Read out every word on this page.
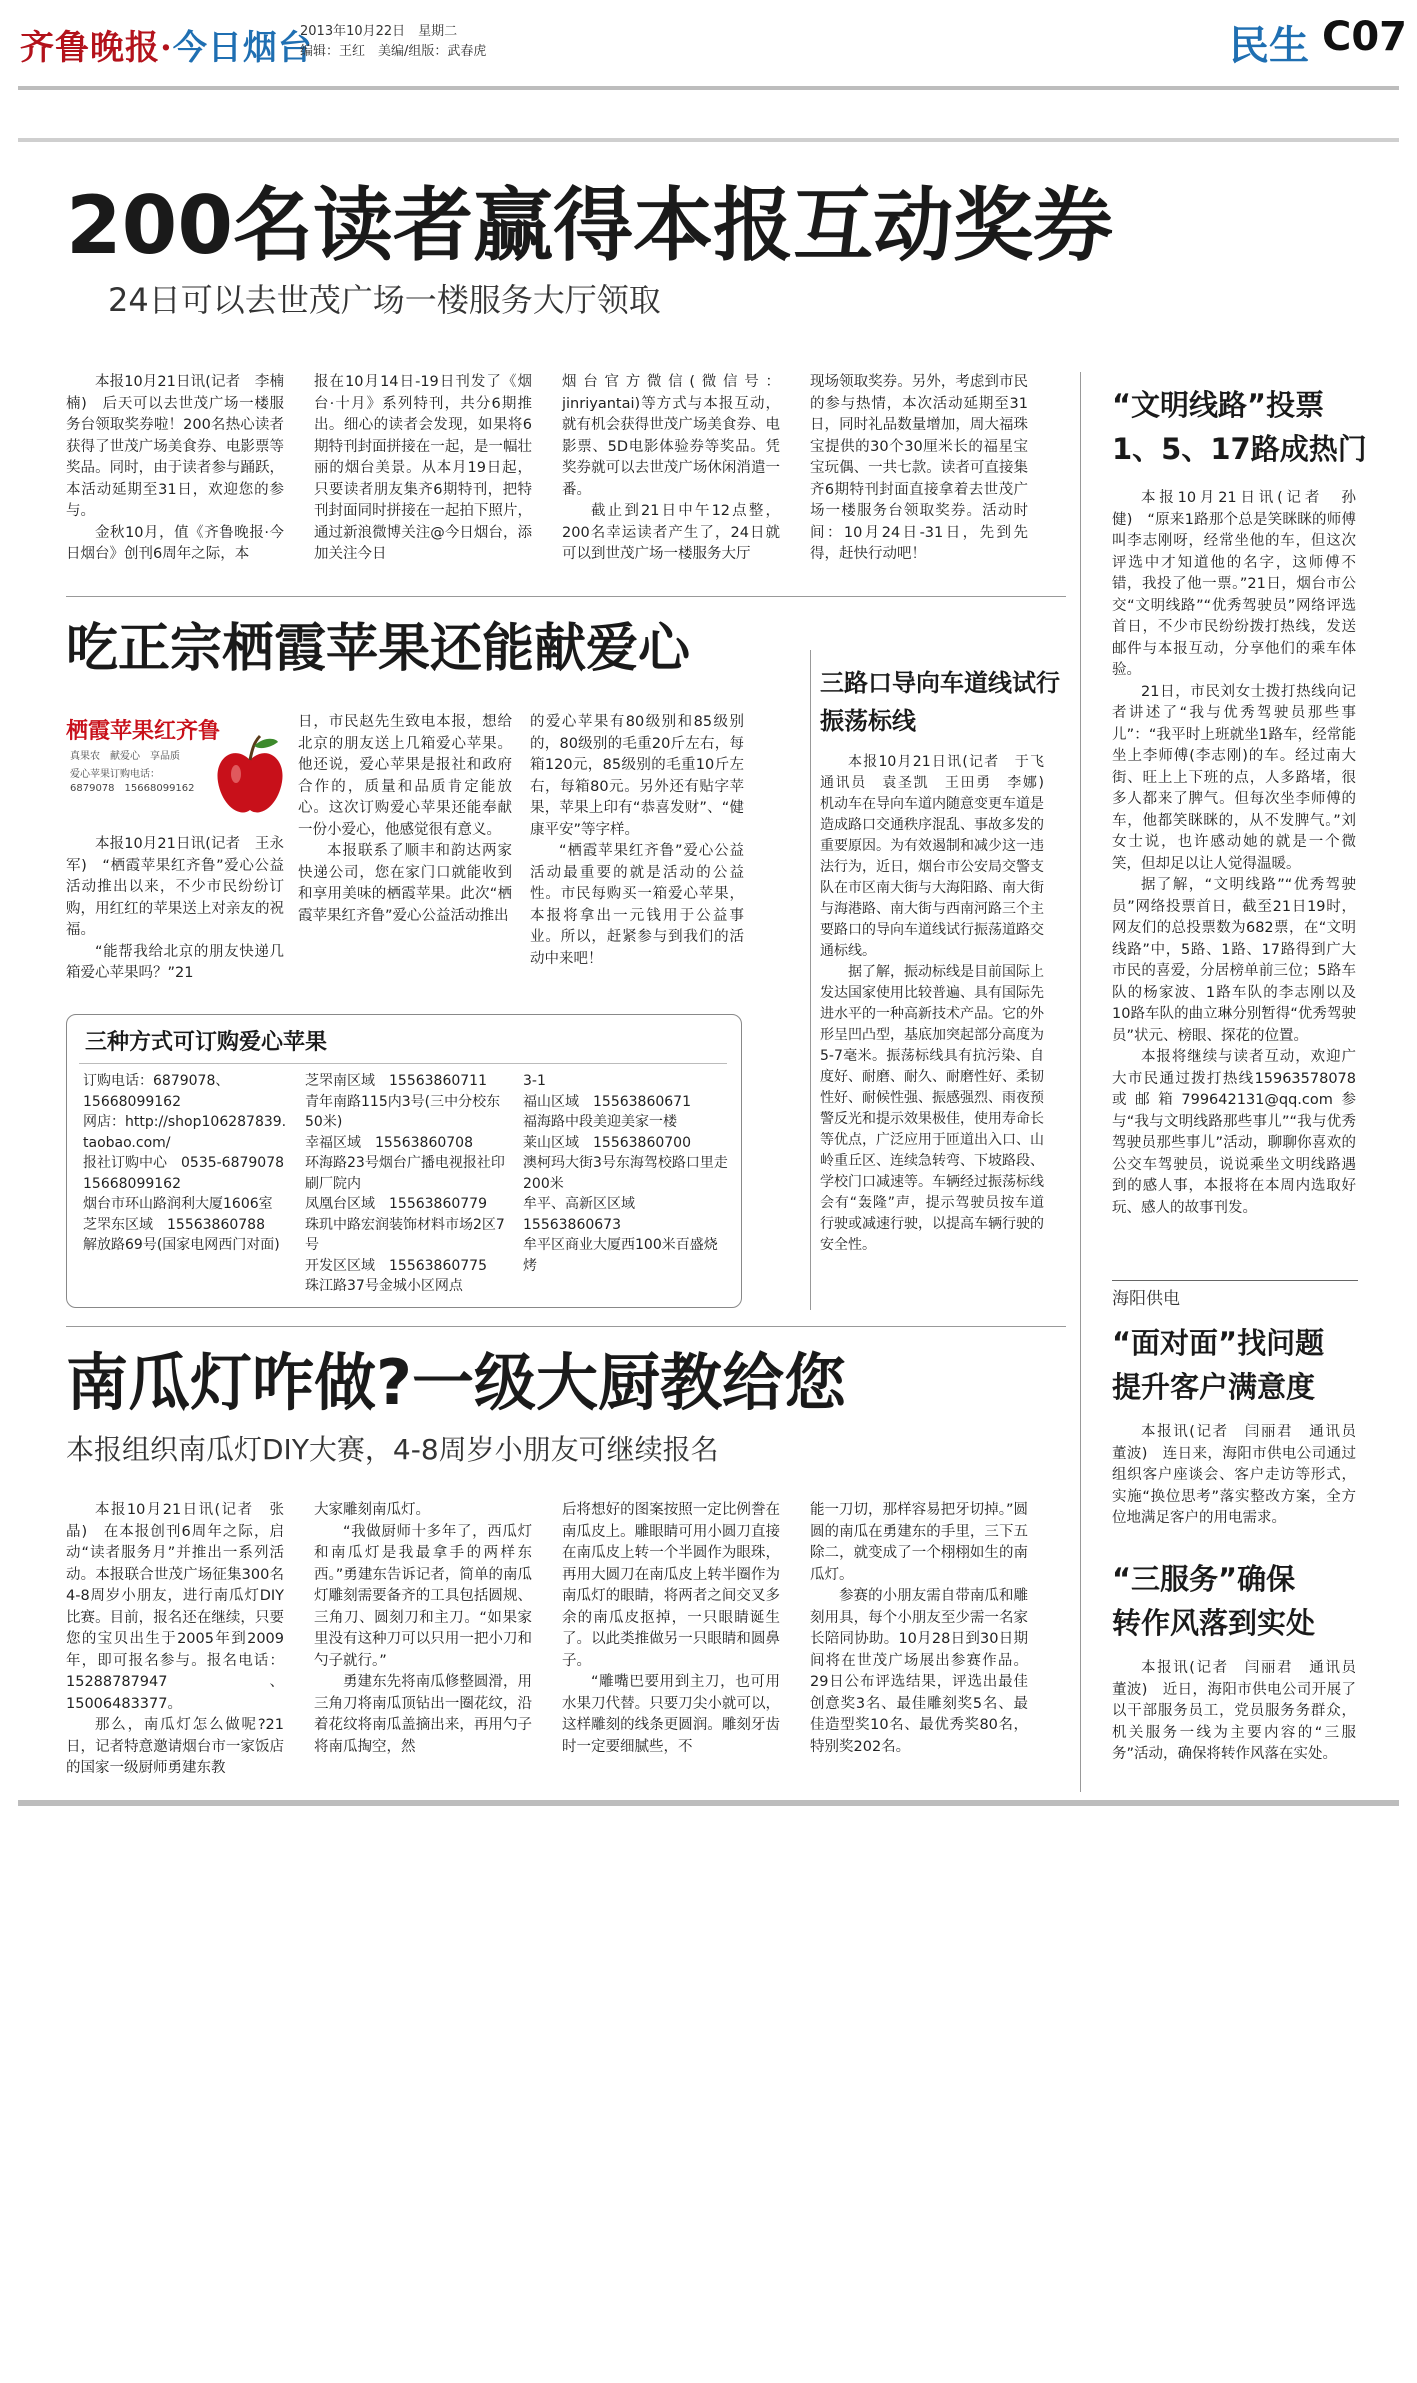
齐鲁晚报·今日烟台
2013年10月22日　星期二
编辑：王红　美编/组版：武春虎	民生 C07
200名读者赢得本报互动奖券
24日可以去世茂广场一楼服务大厅领取

本报10月21日讯(记者　李楠楠)　后天可以去世茂广场一楼服务台领取奖券啦！200名热心读者获得了世茂广场美食券、电影票等奖品。同时，由于读者参与踊跃，本活动延期至31日，欢迎您的参与。

金秋10月，值《齐鲁晚报·今日烟台》创刊6周年之际，本

报在10月14日-19日刊发了《烟台·十月》系列特刊，共分6期推出。细心的读者会发现，如果将6期特刊封面拼接在一起，是一幅壮丽的烟台美景。从本月19日起，只要读者朋友集齐6期特刊，把特刊封面同时拼接在一起拍下照片，通过新浪微博关注@今日烟台，添加关注今日

烟台官方微信(微信号：jinriyantai)等方式与本报互动，就有机会获得世茂广场美食券、电影票、5D电影体验券等奖品。凭奖券就可以去世茂广场休闲消遣一番。

截止到21日中午12点整，200名幸运读者产生了，24日就可以到世茂广场一楼服务大厅

现场领取奖券。另外，考虑到市民的参与热情，本次活动延期至31日，同时礼品数量增加，周大福珠宝提供的30个30厘米长的福星宝宝玩偶、一共七款。读者可直接集齐6期特刊封面直接拿着去世茂广场一楼服务台领取奖券。活动时间：10月24日-31日，先到先得，赶快行动吧！

吃正宗栖霞苹果还能献爱心
栖霞苹果红齐鲁
真果农　献爱心　享品质
爱心苹果订购电话：
6879078　15668099162

本报10月21日讯(记者　王永军)　“栖霞苹果红齐鲁”爱心公益活动推出以来，不少市民纷纷订购，用红红的苹果送上对亲友的祝福。

“能帮我给北京的朋友快递几箱爱心苹果吗？”21

日，市民赵先生致电本报，想给北京的朋友送上几箱爱心苹果。他还说，爱心苹果是报社和政府合作的，质量和品质肯定能放心。这次订购爱心苹果还能奉献一份小爱心，他感觉很有意义。

本报联系了顺丰和韵达两家快递公司，您在家门口就能收到和享用美味的栖霞苹果。此次“栖霞苹果红齐鲁”爱心公益活动推出

的爱心苹果有80级别和85级别的，80级别的毛重20斤左右，每箱120元，85级别的毛重10斤左右，每箱80元。另外还有贴字苹果，苹果上印有“恭喜发财”、“健康平安”等字样。

“栖霞苹果红齐鲁”爱心公益活动最重要的就是活动的公益性。市民每购买一箱爱心苹果，本报将拿出一元钱用于公益事业。所以，赶紧参与到我们的活动中来吧！

三种方式可订购爱心苹果
订购电话：6879078、15668099162
网店：http://shop106287839.taobao.com/
报社订购中心　0535-6879078　15668099162
烟台市环山路润利大厦1606室
芝罘东区域　15563860788
解放路69号(国家电网西门对面)
芝罘南区域　15563860711
青年南路115内3号(三中分校东50米)
幸福区域　15563860708
环海路23号烟台广播电视报社印刷厂院内
凤凰台区域　15563860779
珠玑中路宏润装饰材料市场2区7号
开发区区域　15563860775
珠江路37号金城小区网点
3-1
福山区域　15563860671
福海路中段美迎美家一楼
莱山区域　15563860700
澳柯玛大街3号东海驾校路口里走200米
牟平、高新区区域　15563860673
牟平区商业大厦西100米百盛烧烤
三路口导向车道线试行振荡标线

本报10月21日讯(记者　于飞　通讯员　袁圣凯　王田勇　李娜)　机动车在导向车道内随意变更车道是造成路口交通秩序混乱、事故多发的重要原因。为有效遏制和减少这一违法行为，近日，烟台市公安局交警支队在市区南大街与大海阳路、南大街与海港路、南大街与西南河路三个主要路口的导向车道线试行振荡道路交通标线。

据了解，振动标线是目前国际上发达国家使用比较普遍、具有国际先进水平的一种高新技术产品。它的外形呈凹凸型，基底加突起部分高度为5-7毫米。振荡标线具有抗污染、自度好、耐磨、耐久、耐磨性好、柔韧性好、耐候性强、振感强烈、雨夜预警反光和提示效果极佳，使用寿命长等优点，广泛应用于匝道出入口、山岭重丘区、连续急转弯、下坡路段、学校门口减速等。车辆经过振荡标线会有“轰隆”声，提示驾驶员按车道行驶或减速行驶，以提高车辆行驶的安全性。

“文明线路”投票
1、5、17路成热门

本报10月21日讯(记者　孙健)　“原来1路那个总是笑眯眯的师傅叫李志刚呀，经常坐他的车，但这次评选中才知道他的名字，这师傅不错，我投了他一票。”21日，烟台市公交“文明线路”“优秀驾驶员”网络评选首日，不少市民纷纷拨打热线，发送邮件与本报互动，分享他们的乘车体验。

21日，市民刘女士拨打热线向记者讲述了“我与优秀驾驶员那些事儿”：“我平时上班就坐1路车，经常能坐上李师傅(李志刚)的车。经过南大街、旺上上下班的点，人多路堵，很多人都来了脾气。但每次坐李师傅的车，他都笑眯眯的，从不发脾气。”刘女士说，也许感动她的就是一个微笑，但却足以让人觉得温暖。

据了解，“文明线路”“优秀驾驶员”网络投票首日，截至21日19时，网友们的总投票数为682票，在“文明线路”中，5路、1路、17路得到广大市民的喜爱，分居榜单前三位；5路车队的杨家波、1路车队的李志刚以及10路车队的曲立琳分别暂得“优秀驾驶员”状元、榜眼、探花的位置。

本报将继续与读者互动，欢迎广大市民通过拨打热线15963578078或邮箱799642131@qq.com参与“我与文明线路那些事儿”“我与优秀驾驶员那些事儿”活动，聊聊你喜欢的公交车驾驶员，说说乘坐文明线路遇到的感人事，本报将在本周内选取好玩、感人的故事刊发。

海阳供电
“面对面”找问题
提升客户满意度

本报讯(记者　闫丽君　通讯员　董波)　连日来，海阳市供电公司通过组织客户座谈会、客户走访等形式，实施“换位思考”落实整改方案，全方位地满足客户的用电需求。

“三服务”确保
转作风落到实处

本报讯(记者　闫丽君　通讯员　董波)　近日，海阳市供电公司开展了以干部服务员工，党员服务务群众，机关服务一线为主要内容的“三服务”活动，确保将转作风落在实处。

南瓜灯咋做?一级大厨教给您
本报组织南瓜灯DIY大赛，4-8周岁小朋友可继续报名

本报10月21日讯(记者　张晶)　在本报创刊6周年之际，启动“读者服务月”并推出一系列活动。本报联合世茂广场征集300名4-8周岁小朋友，进行南瓜灯DIY比赛。目前，报名还在继续，只要您的宝贝出生于2005年到2009年，即可报名参与。报名电话：15288787947、15006483377。

那么，南瓜灯怎么做呢?21日，记者特意邀请烟台市一家饭店的国家一级厨师勇建东教

大家雕刻南瓜灯。

“我做厨师十多年了，西瓜灯和南瓜灯是我最拿手的两样东西。”勇建东告诉记者，简单的南瓜灯雕刻需要备齐的工具包括圆规、三角刀、圆刻刀和主刀。“如果家里没有这种刀可以只用一把小刀和勺子就行。”

勇建东先将南瓜修整圆滑，用三角刀将南瓜顶钻出一圈花纹，沿着花纹将南瓜盖摘出来，再用勺子将南瓜掏空，然

后将想好的图案按照一定比例誊在南瓜皮上。雕眼睛可用小圆刀直接在南瓜皮上转一个半圆作为眼珠，再用大圆刀在南瓜皮上转半圈作为南瓜灯的眼睛，将两者之间交叉多余的南瓜皮抠掉，一只眼睛诞生了。以此类推做另一只眼睛和圆鼻子。

“雕嘴巴要用到主刀，也可用水果刀代替。只要刀尖小就可以，这样雕刻的线条更圆润。雕刻牙齿时一定要细腻些，不

能一刀切，那样容易把牙切掉。”圆圆的南瓜在勇建东的手里，三下五除二，就变成了一个栩栩如生的南瓜灯。

参赛的小朋友需自带南瓜和雕刻用具，每个小朋友至少需一名家长陪同协助。10月28日到30日期间将在世茂广场展出参赛作品。29日公布评选结果，评选出最佳创意奖3名、最佳雕刻奖5名、最佳造型奖10名、最优秀奖80名，特别奖202名。
